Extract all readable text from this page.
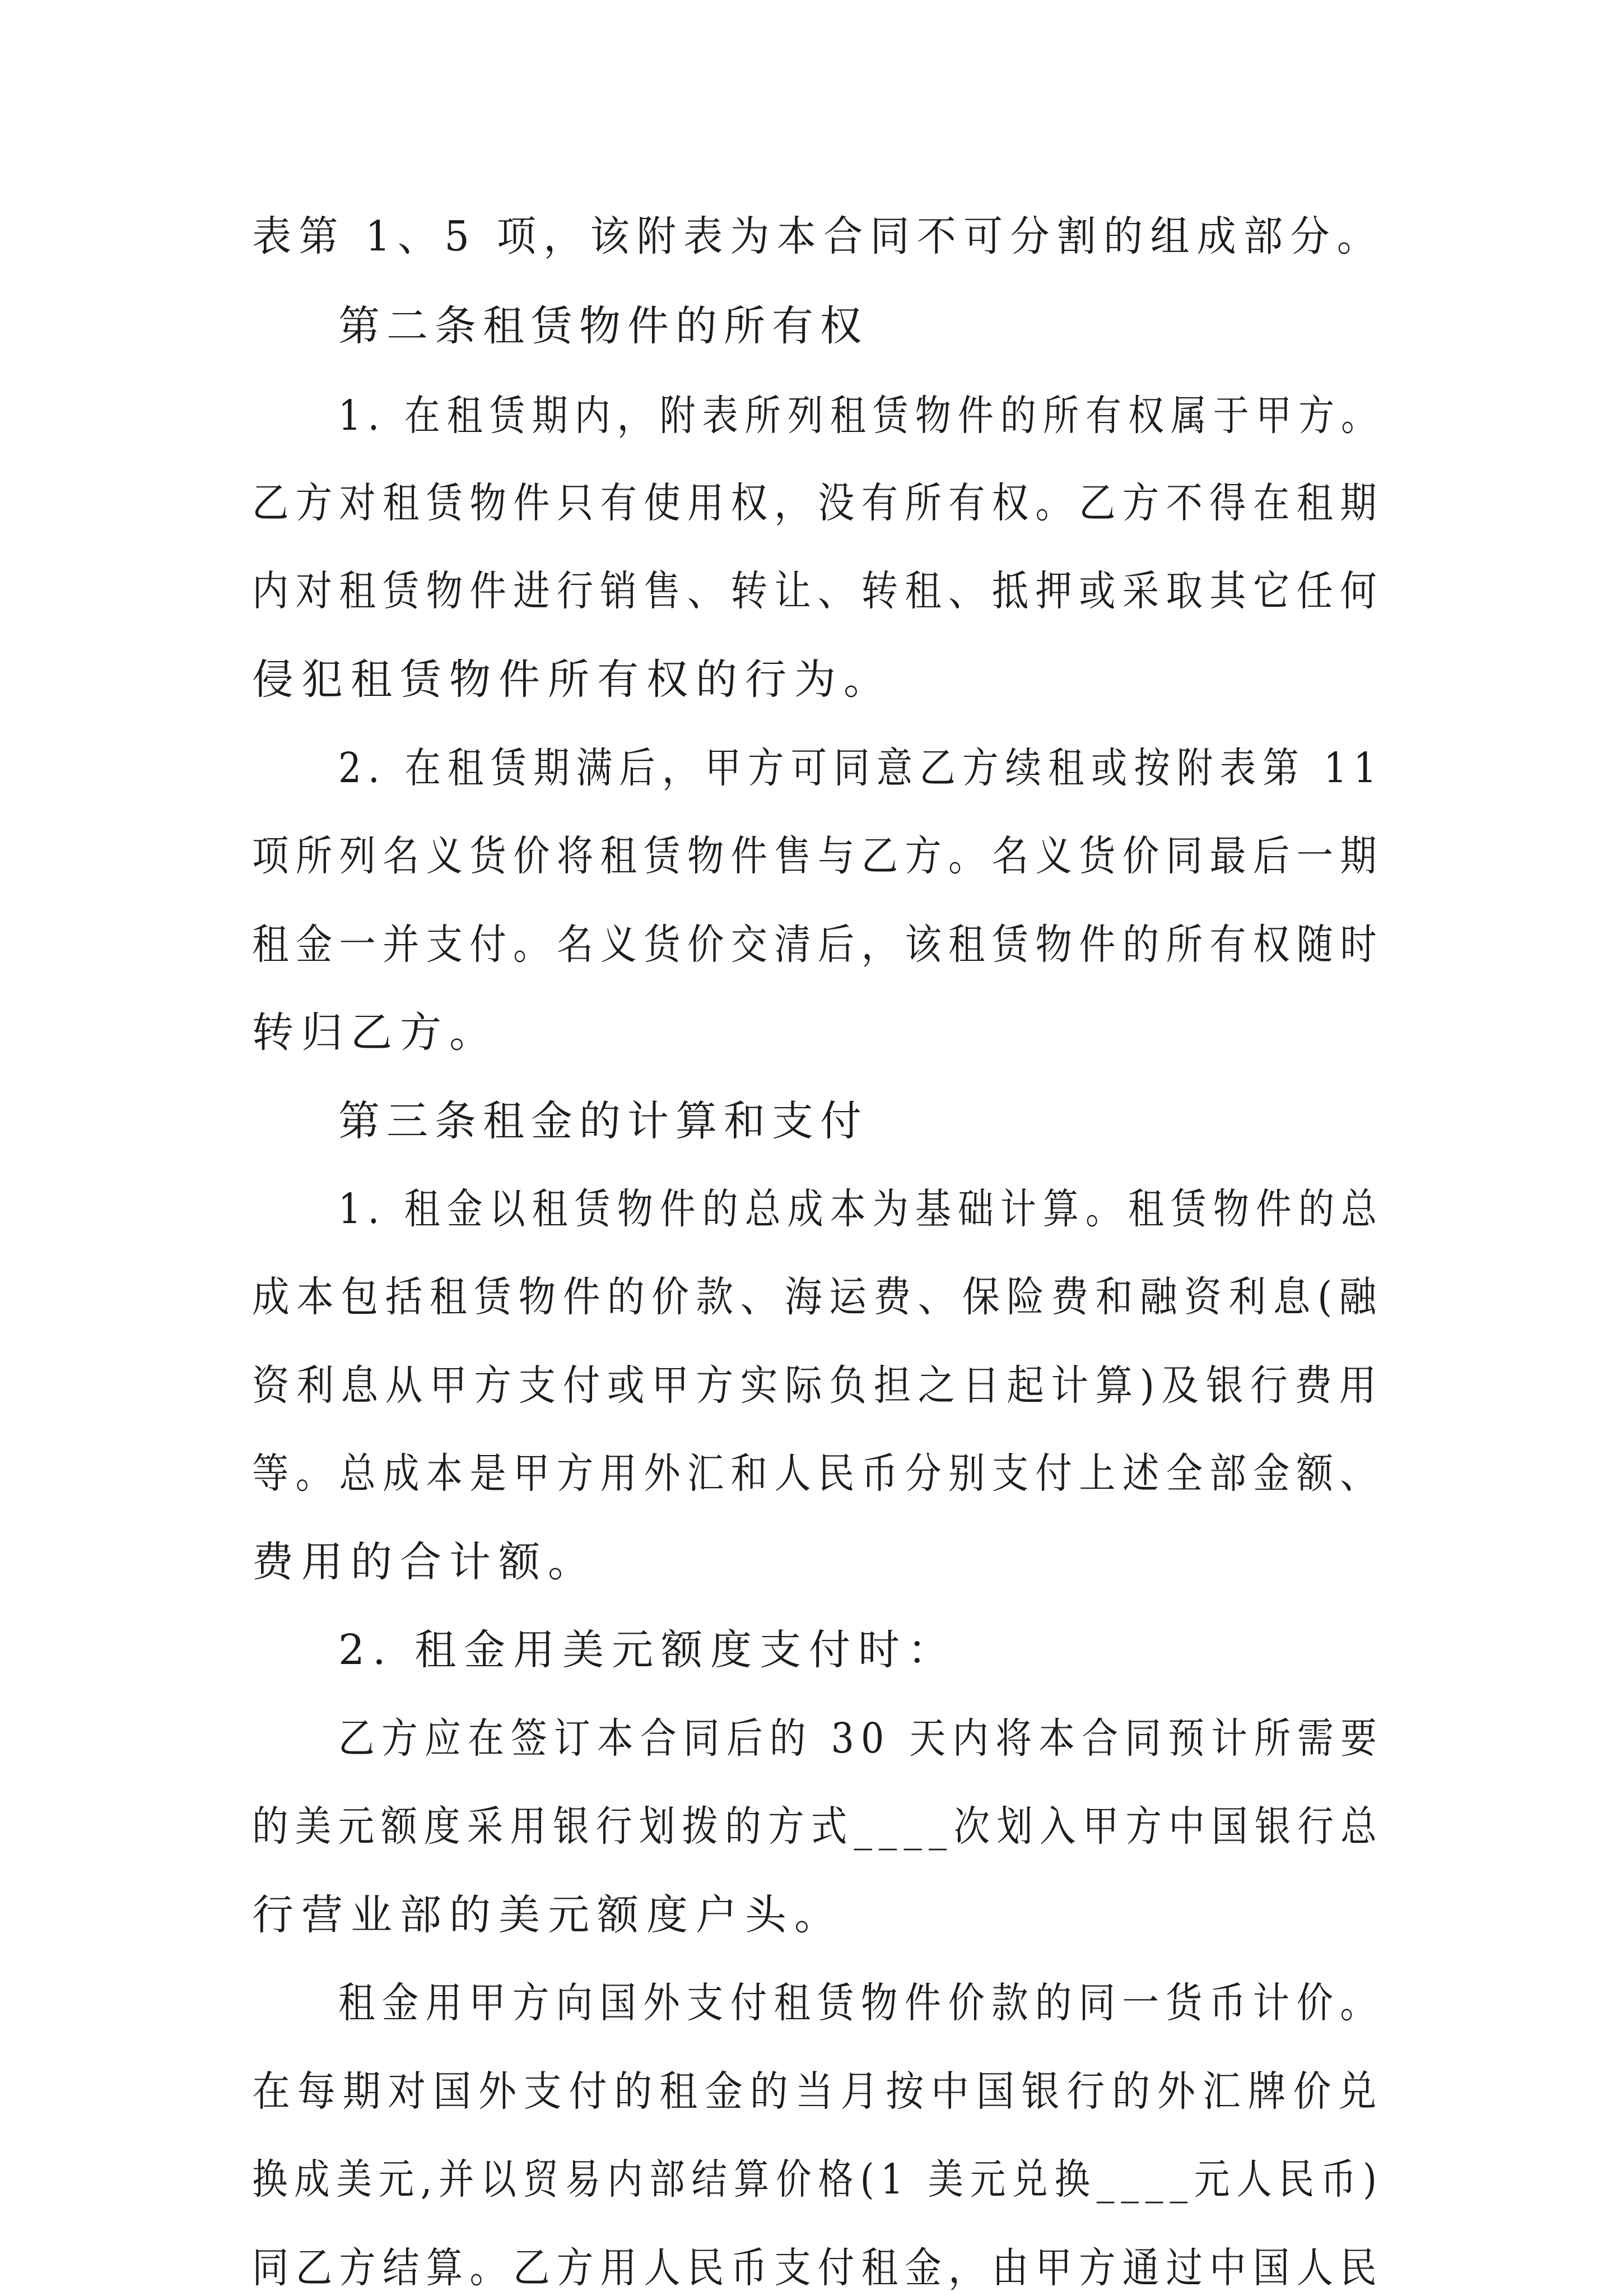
表第 1、5 项，该附表为本合同不可分割的组成部分。
第二条租赁物件的所有权
1. 在租赁期内，附表所列租赁物件的所有权属于甲方。
乙方对租赁物件只有使用权，没有所有权。乙方不得在租期
内对租赁物件进行销售、转让、转租、抵押或采取其它任何
侵犯租赁物件所有权的行为。
2. 在租赁期满后，甲方可同意乙方续租或按附表第 11
项所列名义货价将租赁物件售与乙方。名义货价同最后一期
租金一并支付。名义货价交清后，该租赁物件的所有权随时
转归乙方。
第三条租金的计算和支付
1. 租金以租赁物件的总成本为基础计算。租赁物件的总
成本包括租赁物件的价款、海运费、保险费和融资利息(融
资利息从甲方支付或甲方实际负担之日起计算)及银行费用
等。总成本是甲方用外汇和人民币分别支付上述全部金额、
费用的合计额。
2. 租金用美元额度支付时：
乙方应在签订本合同后的 30 天内将本合同预计所需要
的美元额度采用银行划拨的方式____次划入甲方中国银行总
行营业部的美元额度户头。
租金用甲方向国外支付租赁物件价款的同一货币计价。
在每期对国外支付的租金的当月按中国银行的外汇牌价兑
换成美元,并以贸易内部结算价格(1 美元兑换____元人民币)
同乙方结算。乙方用人民币支付租金，由甲方通过中国人民
